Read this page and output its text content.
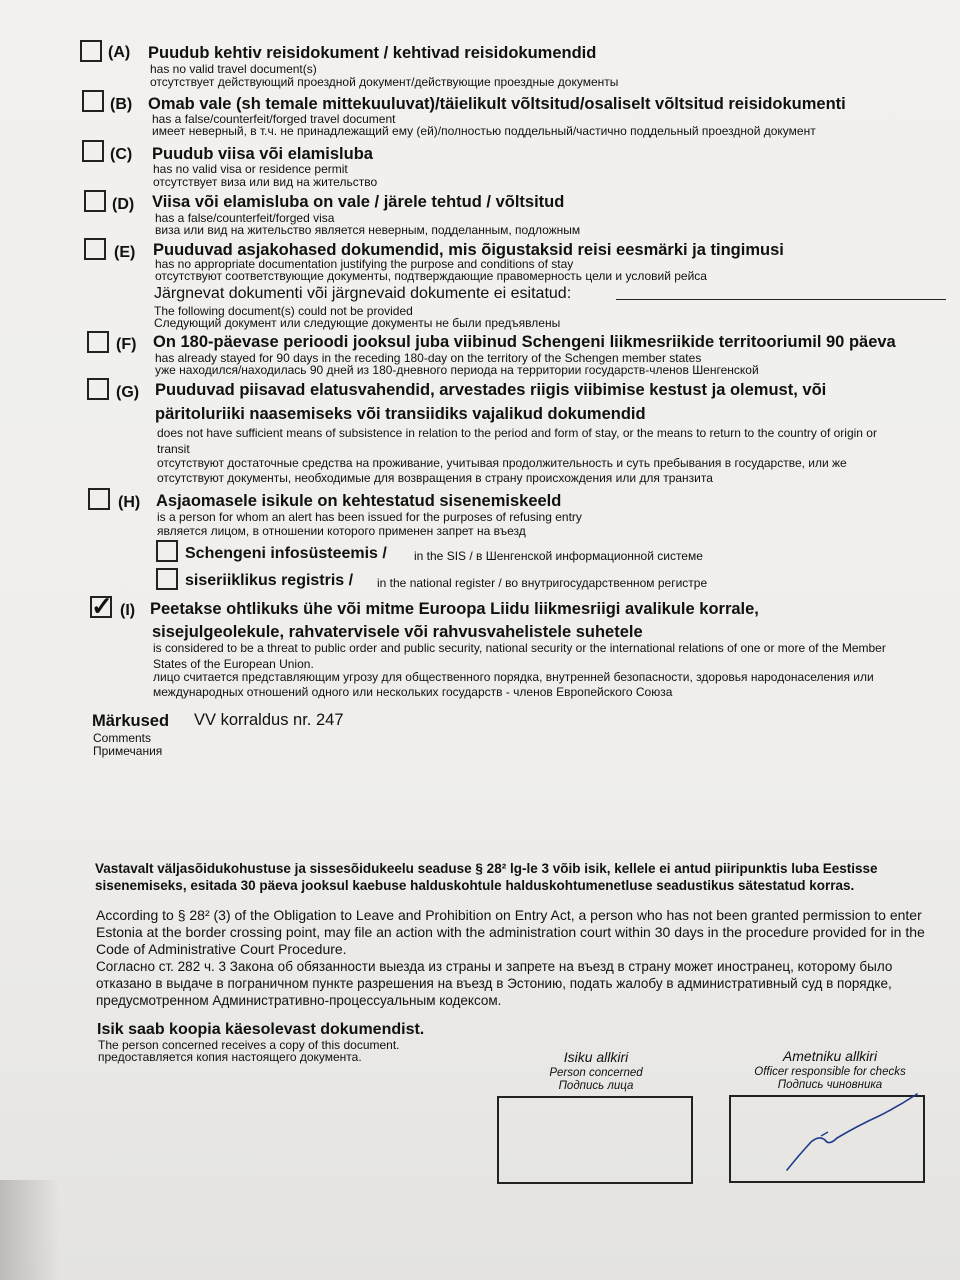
(A) Puudub kehtiv reisidokument / kehtivad reisidokumendid
has no valid travel document(s)
отсутствует действующий проездной документ/действующие проездные документы
(B) Omab vale (sh temale mittekuuluvat)/täielikult võltsitud/osaliselt võltsitud reisidokumenti
has a false/counterfeit/forged travel document
имеет неверный, в т.ч. не принадлежащий ему (ей)/полностью поддельный/частично поддельный проездной документ
(C) Puudub viisa või elamisluba
has no valid visa or residence permit
отсутствует виза или вид на жительство
(D) Viisa või elamisluba on vale / järele tehtud / võltsitud
has a false/counterfeit/forged visa
виза или вид на жительство является неверным, подделанным, подложным
(E) Puuduvad asjakohased dokumendid, mis õigustaksid reisi eesmärki ja tingimusi
has no appropriate documentation justifying the purpose and conditions of stay
отсутствуют соответствующие документы, подтверждающие правомерность цели и условий рейса
Järgnevat dokumenti või järgnevaid dokumente ei esitatud:
The following document(s) could not be provided
Следующий документ или следующие документы не были предъявлены
(F) On 180-päevase perioodi jooksul juba viibinud Schengeni liikmesriikide territooriumil 90 päeva
has already stayed for 90 days in the receding 180-day on the territory of the Schengen member states
уже находился/находилась 90 дней из 180-дневного периода на территории государств-членов Шенгенской
(G) Puuduvad piisavad elatusvahendid, arvestades riigis viibimise kestust ja olemust, või
päritoluriiki naasemiseks või transiidiks vajalikud dokumendid
does not have sufficient means of subsistence in relation to the period and form of stay, or the means to return to the country of origin or
transit
отсутствуют достаточные средства на проживание, учитывая продолжительность и суть пребывания в государстве, или же
отсутствуют документы, необходимые для возвращения в страну происхождения или для транзита
(H) Asjaomasele isikule on kehtestatud sisenemiskeeld
is a person for whom an alert has been issued for the purposes of refusing entry
является лицом, в отношении которого применен запрет на въезд
Schengeni infosüsteemis / in the SIS / в Шенгенской информационной системе
siseriiklikus registris / in the national register / во внутригосударственном регистре
✓ (I) Peetakse ohtlikuks ühe või mitme Euroopa Liidu liikmesriigi avalikule korrale,
sisejulgeolekule, rahvatervisele või rahvusvahelistele suhetele
is considered to be a threat to public order and public security, national security or the international relations of one or more of the Member
States of the European Union.
лицо считается представляющим угрозу для общественного порядка, внутренней безопасности, здоровья народонаселения или
международных отношений одного или нескольких государств - членов Европейского Союза
Märkused VV korraldus nr. 247
Comments
Примечания
Vastavalt väljasõidukohustuse ja sissesõidukeelu seaduse § 28² lg-le 3 võib isik, kellele ei antud piiripunktis luba Eestisse sisenemiseks, esitada 30 päeva jooksul kaebuse halduskohtule halduskohtumenetluse seadustikus sätestatud korras.
According to § 28² (3) of the Obligation to Leave and Prohibition on Entry Act, a person who has not been granted permission to enter Estonia at the border crossing point, may file an action with the administration court within 30 days in the procedure provided for in the Code of Administrative Court Procedure.
Согласно ст. 282 ч. 3 Закона об обязанности выезда из страны и запрете на въезд в страну может иностранец, которому было отказано в выдаче в пограничном пункте разрешения на въезд в Эстонию, подать жалобу в административный суд в порядке, предусмотренном Административно-процессуальным кодексом.
Isik saab koopia käesolevast dokumendist.
The person concerned receives a copy of this document.
предоставляется копия настоящего документа.	Isiku allkiri
Person concerned
Подпись лица
Ametniku allkiri
Officer responsible for checks
Подпись чиновника
